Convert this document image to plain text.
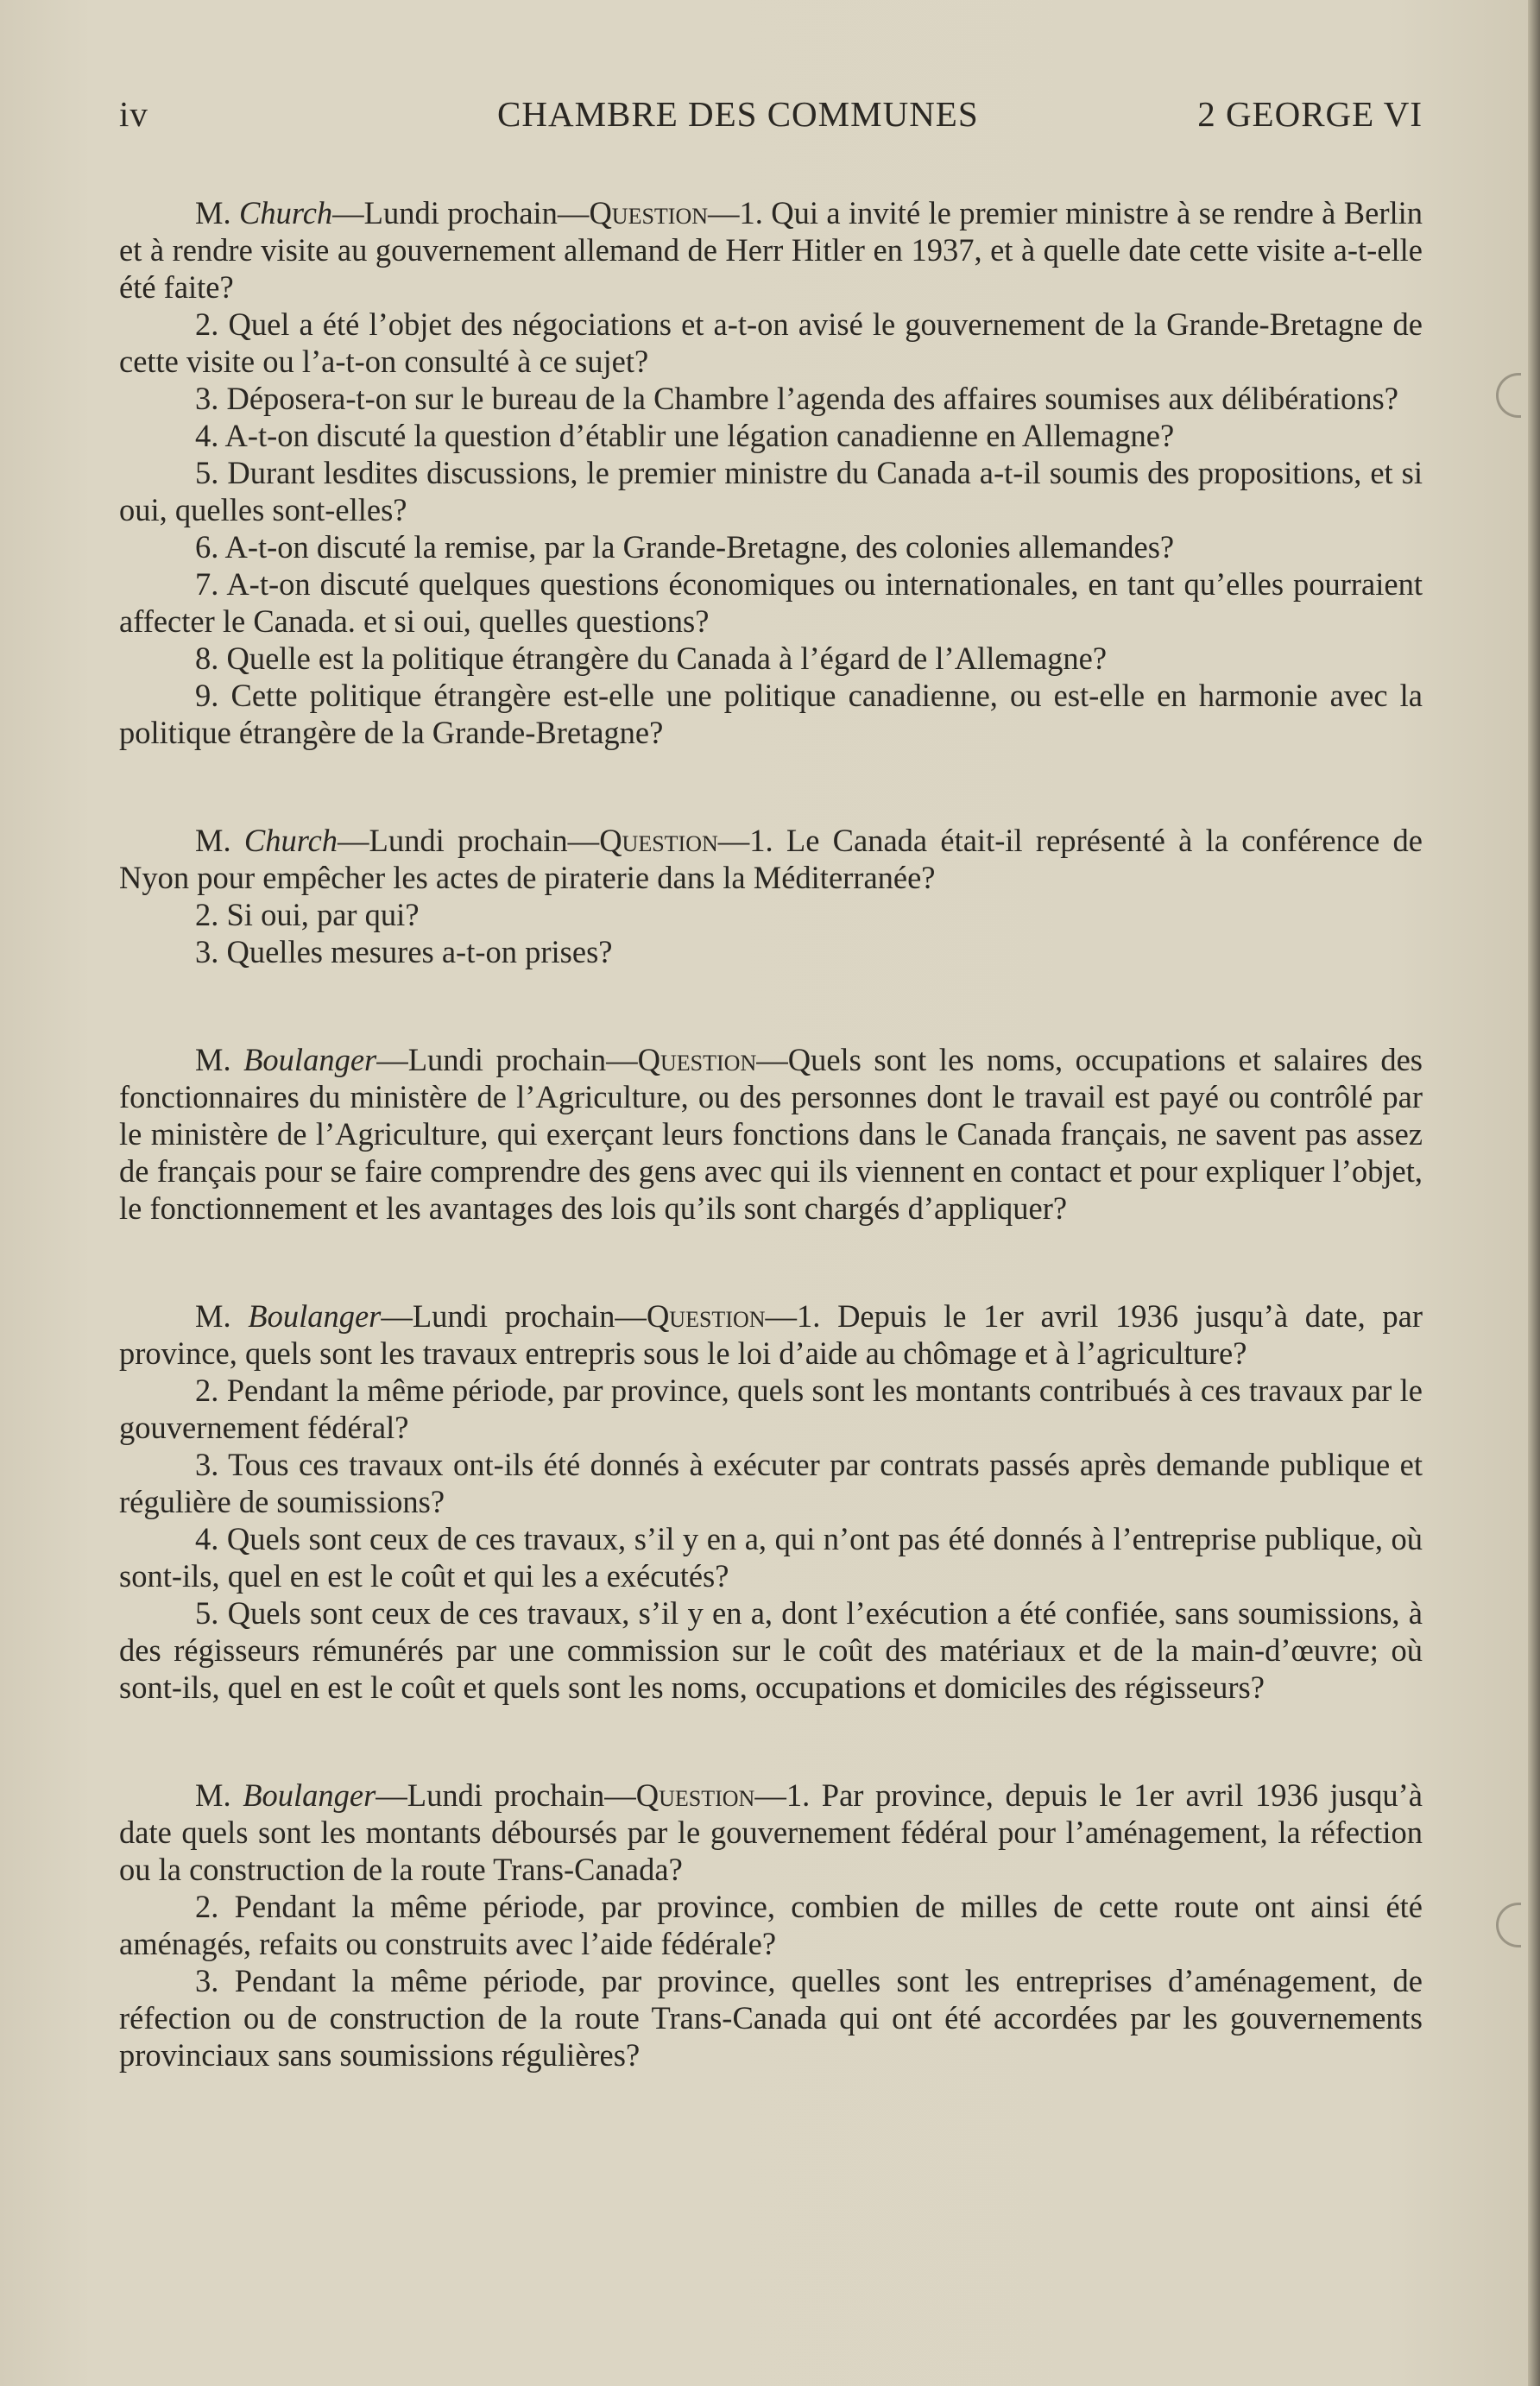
iv	CHAMBRE DES COMMUNES	2 GEORGE VI

M. Church—Lundi prochain—Question—1. Qui a invité le premier ministre à se rendre à Berlin et à rendre visite au gouvernement allemand de Herr Hitler en 1937, et à quelle date cette visite a-t-elle été faite?

2. Quel a été l’objet des négociations et a-t-on avisé le gouvernement de la Grande-Bretagne de cette visite ou l’a-t-on consulté à ce sujet?

3. Déposera-t-on sur le bureau de la Chambre l’agenda des affaires soumises aux délibérations?

4. A-t-on discuté la question d’établir une légation canadienne en Allemagne?

5. Durant lesdites discussions, le premier ministre du Canada a-t-il soumis des propositions, et si oui, quelles sont-elles?

6. A-t-on discuté la remise, par la Grande-Bretagne, des colonies allemandes?

7. A-t-on discuté quelques questions économiques ou internationales, en tant qu’elles pourraient affecter le Canada. et si oui, quelles questions?

8. Quelle est la politique étrangère du Canada à l’égard de l’Allemagne?

9. Cette politique étrangère est-elle une politique canadienne, ou est-elle en harmonie avec la politique étrangère de la Grande-Bretagne?

M. Church—Lundi prochain—Question—1. Le Canada était-il représenté à la conférence de Nyon pour empêcher les actes de piraterie dans la Méditerranée?

2. Si oui, par qui?

3. Quelles mesures a-t-on prises?

M. Boulanger—Lundi prochain—Question—Quels sont les noms, occupations et salaires des fonctionnaires du ministère de l’Agriculture, ou des personnes dont le travail est payé ou contrôlé par le ministère de l’Agriculture, qui exerçant leurs fonctions dans le Canada français, ne savent pas assez de français pour se faire comprendre des gens avec qui ils viennent en contact et pour expliquer l’objet, le fonctionnement et les avantages des lois qu’ils sont chargés d’appliquer?

M. Boulanger—Lundi prochain—Question—1. Depuis le 1er avril 1936 jusqu’à date, par province, quels sont les travaux entrepris sous le loi d’aide au chômage et à l’agriculture?

2. Pendant la même période, par province, quels sont les montants contribués à ces travaux par le gouvernement fédéral?

3. Tous ces travaux ont-ils été donnés à exécuter par contrats passés après demande publique et régulière de soumissions?

4. Quels sont ceux de ces travaux, s’il y en a, qui n’ont pas été donnés à l’entreprise publique, où sont-ils, quel en est le coût et qui les a exécutés?

5. Quels sont ceux de ces travaux, s’il y en a, dont l’exécution a été confiée, sans soumissions, à des régisseurs rémunérés par une commission sur le coût des matériaux et de la main-d’œuvre; où sont-ils, quel en est le coût et quels sont les noms, occupations et domiciles des régisseurs?

M. Boulanger—Lundi prochain—Question—1. Par province, depuis le 1er avril 1936 jusqu’à date quels sont les montants déboursés par le gouvernement fédéral pour l’aménagement, la réfection ou la construction de la route Trans-Canada?

2. Pendant la même période, par province, combien de milles de cette route ont ainsi été aménagés, refaits ou construits avec l’aide fédérale?

3. Pendant la même période, par province, quelles sont les entreprises d’aménagement, de réfection ou de construction de la route Trans-Canada qui ont été accordées par les gouvernements provinciaux sans soumissions régulières?
